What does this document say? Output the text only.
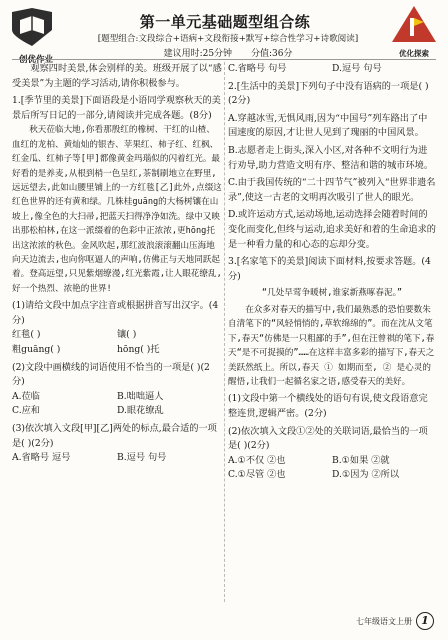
创优作业
优化探索
第一单元基础题型组合练
[题型组合:文段综合+语病+文段衔接+默写+综合性学习+诗歌阅读]
建议用时:25分钟 分值:36分

观察四时美景,体会别样的美。班级开展了以“感受美景”为主题的学习活动,请你积极参与。

1.[季节里的美景]下面语段是小语同学观察秋天的美景后所写日记的一部分,请阅读并完成各题。(8分)

秋天莅临大地,你看那殷红的橡树、干红的山楂、血红的龙柏、黄灿灿的银杏、苹果红、柿子红、红枫、红金瓜、红柿子等[甲]都像黄金玛瑙似的闪着红光。最好看的是养麦,从根到梢一色呈红,茶制刷地立在野里,远远望去,此如山腰里铺上的一方红毯[乙]此外,点缀这红色世界的还有黄和绿。几株桂guāng的大杨树镶在山坡上,像全色的大扫帚,把蓝天扫得净净如洗。绿中又映出那松柏林,在这一派缀着的色彩中正浓浓,更hōng托出这浓浓的秋色。金风吹起,那红波浪滚滚翻山压海地向天边流去,也向你呕逼人的声响,仿佛正与天地同跃起着。登高远望,只见紫烟缭漫,红光紫霞,让人眼花缭乱,好一个热烈、浓艳的世界!

(1)请给文段中加点字注音或根据拼音写出汉字。(4分)

红毯( )	镶( )
粗guāng( )	hōng( )托

(2)文段中画横线的词语使用不恰当的一项是( )(2分)

A.莅临	B.咄咄逼人
C.应和	D.眼花缭乱

(3)依次填入文段[甲][乙]两处的标点,最合适的一项是( )(2分)

A.省略号 逗号	B.逗号 句号
C.省略号 句号	D.逗号 句号

2.[生活中的美景]下列句子中没有语病的一项是( )(2分)

A.穿越冰雪,无惧风雨,因为“中国号”列车路出了中国速度的原因,才让世人见到了瑰丽的中国风景。

B.志愿者走上街头,深入小区,对各种不文明行为进行劝导,助力营造文明有序、整洁和谐的城市环境。

C.由于我国传统的“二十四节气”被列入“世界非遗名录”,使这一古老的文明再次吸引了世人的眼光。

D.或许运动方式,运动场地,运动选择会随着时间的变化而变化,但终与运动,追求美好和着的生命追求的是一种看力量的和心态的忘却分变。

3.[名家笔下的美景]阅读下面材料,按要求答题。(4分)

“几处早莺争暖树,谁家新燕啄春泥。”

在众多对春天的描写中,我们最熟悉的恐怕要数朱自清笔下的“风轻悄悄的,草软绵绵的”。而在沈从文笔下,春天“仿佛是一只粗鄙的手”,但在汪曾祺的笔下,春天“是不可捉摸的”……在这样丰富多彩的描写下,春天之美跃然纸上。所以,春天 ① 如期而至, ② 是心灵的醒悟,让我们一起循名家之语,感受春天的美好。

(1)文段中第一个横线处的语句有误,使文段语意完整连贯,逻辑严密。(2分)

(2)依次填入文段①②处的关联词语,最恰当的一项是( )(2分)

A.①不仅 ②也	B.①如果 ②就
C.①尽管 ②也	D.①因为 ②所以
七年级语文上册 1
